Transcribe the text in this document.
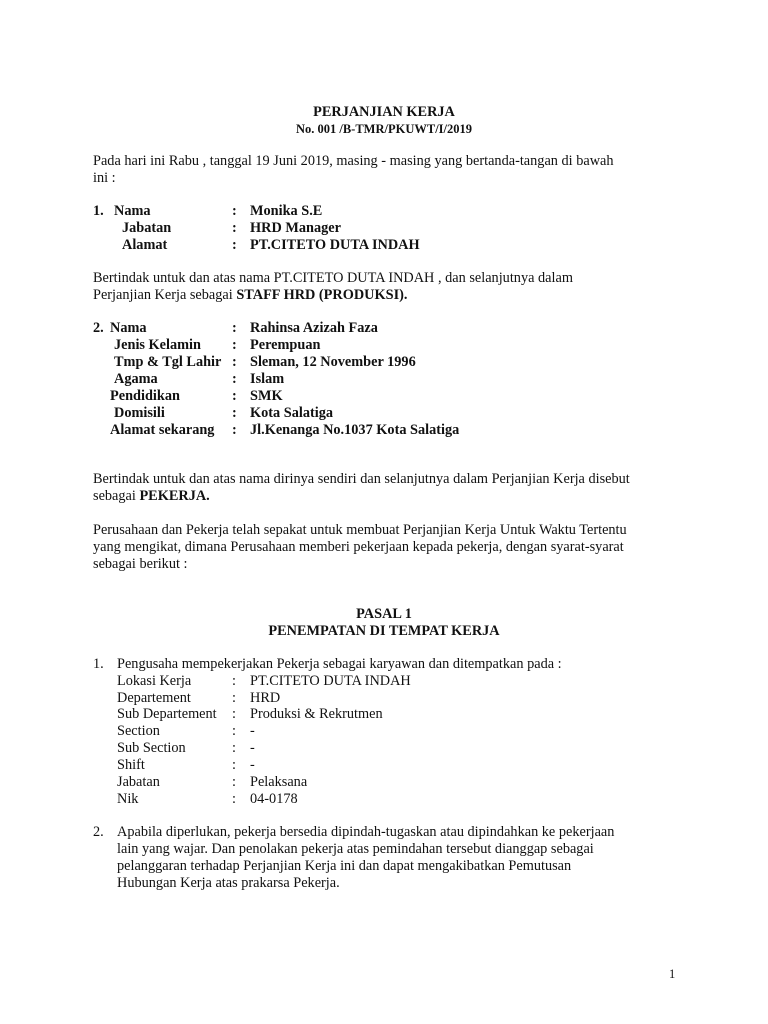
PERJANJIAN KERJA
No. 001 /B-TMR/PKUWT/I/2019
Pada hari ini Rabu , tanggal 19 Juni 2019, masing - masing yang bertanda-tangan di bawah
ini :
1. Nama	: Monika S.E
Jabatan	: HRD Manager
Alamat	: PT.CITETO DUTA INDAH
Bertindak untuk dan atas nama PT.CITETO DUTA INDAH , dan selanjutnya dalam
Perjanjian Kerja sebagai STAFF HRD (PRODUKSI).
2. Nama	: Rahinsa Azizah Faza
Jenis Kelamin : Perempuan
Tmp & Tgl Lahir : Sleman, 12 November 1996
Agama	: Islam
Pendidikan	: SMK
Domisili	: Kota Salatiga
Alamat sekarang : Jl.Kenanga No.1037 Kota Salatiga
Bertindak untuk dan atas nama dirinya sendiri dan selanjutnya dalam Perjanjian Kerja disebut
sebagai PEKERJA.
Perusahaan dan Pekerja telah sepakat untuk membuat Perjanjian Kerja Untuk Waktu Tertentu
yang mengikat, dimana Perusahaan memberi pekerjaan kepada pekerja, dengan syarat-syarat
sebagai berikut :
PASAL 1
PENEMPATAN DI TEMPAT KERJA
1. Pengusaha mempekerjakan Pekerja sebagai karyawan dan ditempatkan pada :
Lokasi Kerja	: PT.CITETO DUTA INDAH
Departement	: HRD
Sub Departement : Produksi & Rekrutmen
Section	: -
Sub Section	: -
Shift	: -
Jabatan	: Pelaksana
Nik	: 04-0178
2. Apabila diperlukan, pekerja bersedia dipindah-tugaskan atau dipindahkan ke pekerjaan
lain yang wajar. Dan penolakan pekerja atas pemindahan tersebut dianggap sebagai
pelanggaran terhadap Perjanjian Kerja ini dan dapat mengakibatkan Pemutusan
Hubungan Kerja atas prakarsa Pekerja.
1
